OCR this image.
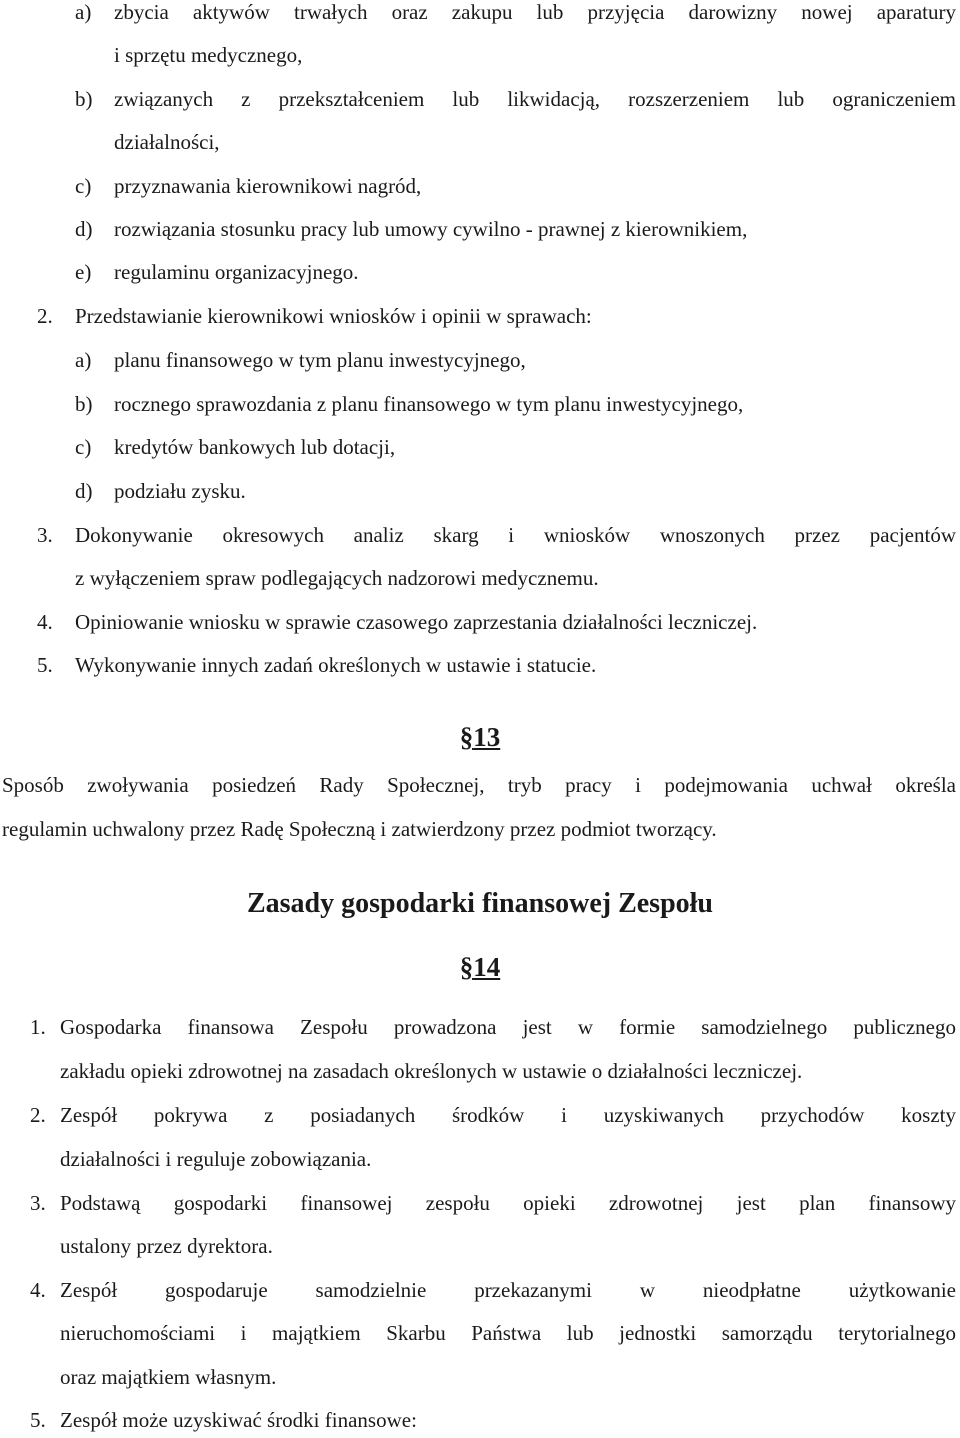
a) zbycia aktywów trwałych oraz zakupu lub przyjęcia darowizny nowej aparatury
i sprzętu medycznego,
b) związanych z przekształceniem lub likwidacją, rozszerzeniem lub ograniczeniem
działalności,
c) przyznawania kierownikowi nagród,
d) rozwiązania stosunku pracy lub umowy cywilno - prawnej z kierownikiem,
e) regulaminu organizacyjnego.
2. Przedstawianie kierownikowi wniosków i opinii w sprawach:
a) planu finansowego w tym planu inwestycyjnego,
b) rocznego sprawozdania z planu finansowego w tym planu inwestycyjnego,
c) kredytów bankowych lub dotacji,
d) podziału zysku.
3. Dokonywanie okresowych analiz skarg i wniosków wnoszonych przez pacjentów
z wyłączeniem spraw podlegających nadzorowi medycznemu.
4. Opiniowanie wniosku w sprawie czasowego zaprzestania działalności leczniczej.
5. Wykonywanie innych zadań określonych w ustawie i statucie.
§13
Sposób zwoływania posiedzeń Rady Społecznej, tryb pracy i podejmowania uchwał określa
regulamin uchwalony przez Radę Społeczną i zatwierdzony przez podmiot tworzący.
Zasady gospodarki finansowej Zespołu
§14
1. Gospodarka finansowa Zespołu prowadzona jest w formie samodzielnego publicznego
zakładu opieki zdrowotnej na zasadach określonych w ustawie o działalności leczniczej.
2. Zespół pokrywa z posiadanych środków i uzyskiwanych przychodów koszty
działalności i reguluje zobowiązania.
3. Podstawą gospodarki finansowej zespołu opieki zdrowotnej jest plan finansowy
ustalony przez dyrektora.
4. Zespół gospodaruje samodzielnie przekazanymi w nieodpłatne użytkowanie
nieruchomościami i majątkiem Skarbu Państwa lub jednostki samorządu terytorialnego
oraz majątkiem własnym.
5. Zespół może uzyskiwać środki finansowe:
